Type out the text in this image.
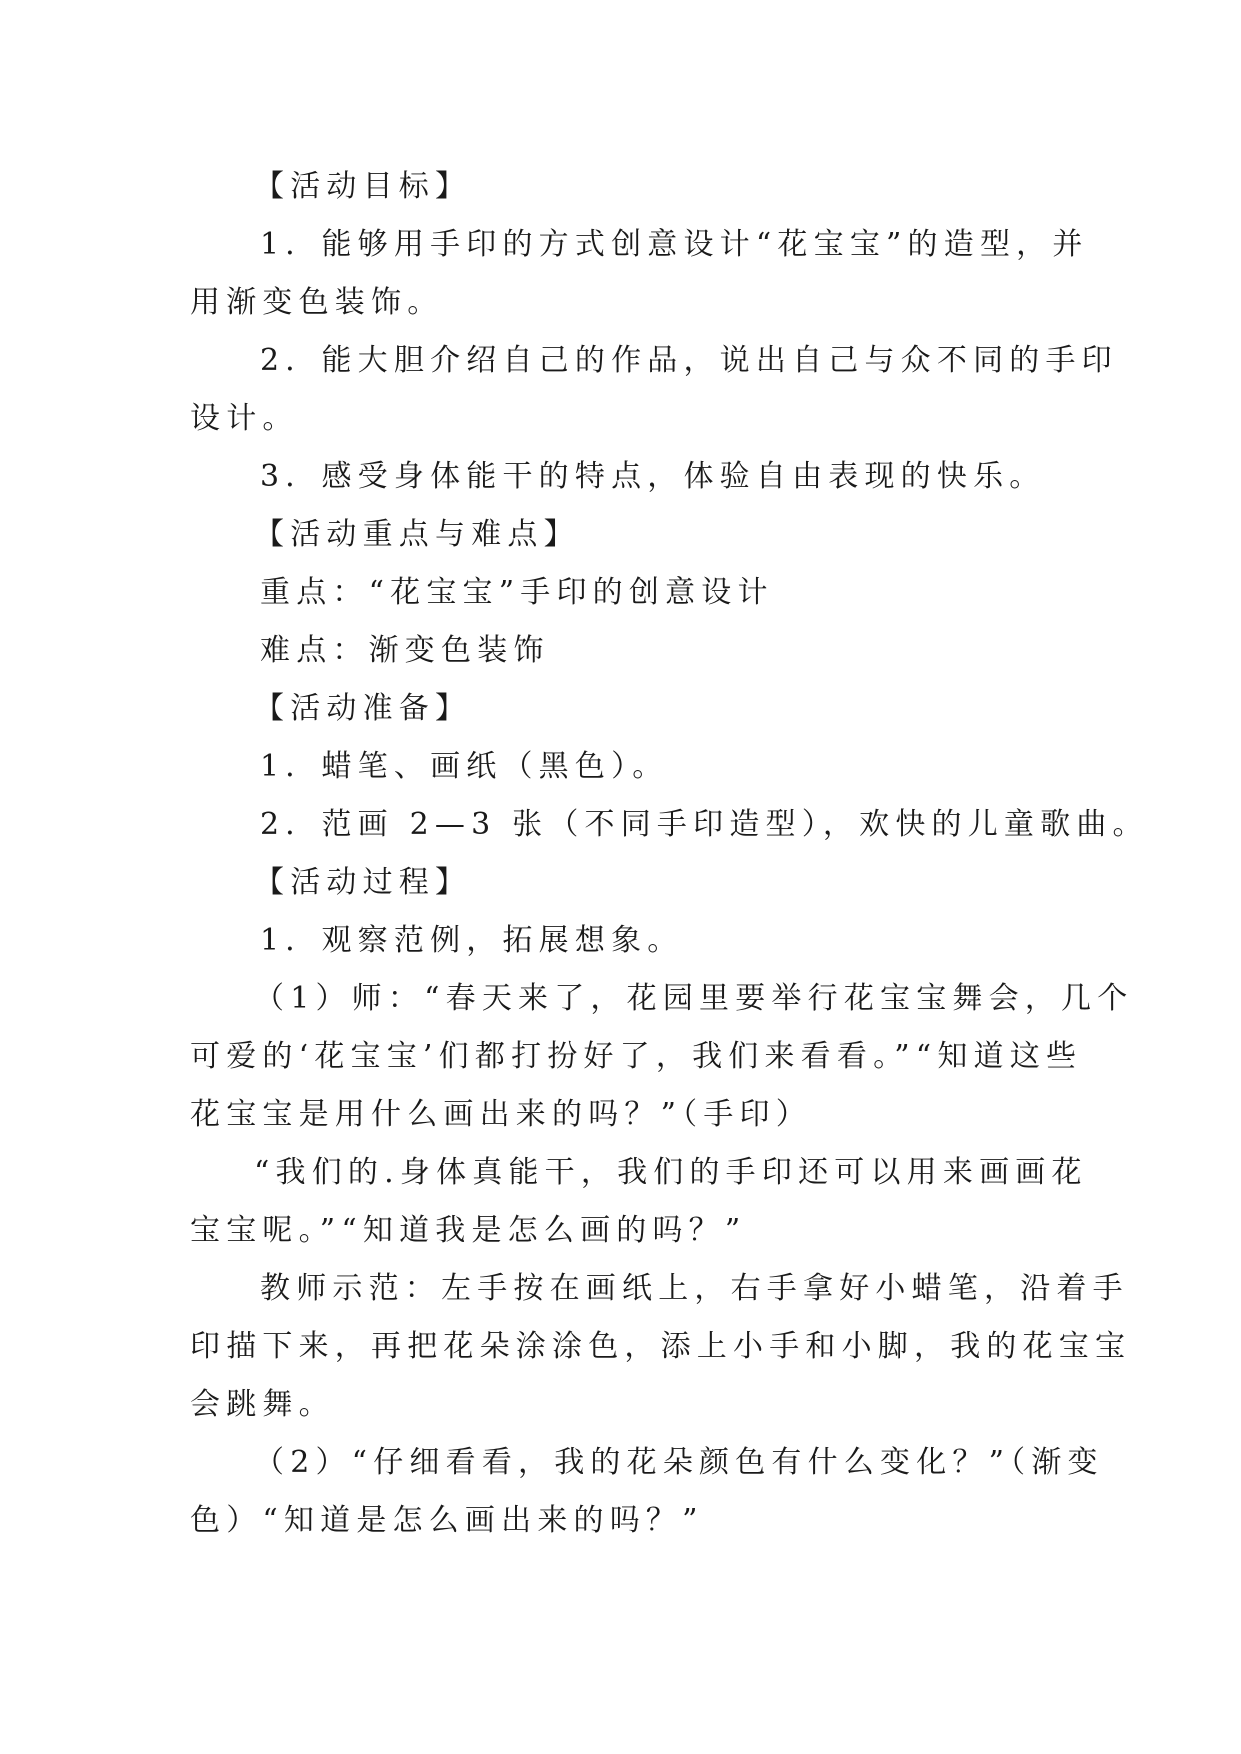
【活动目标】
1．能够用手印的方式创意设计“花宝宝”的造型，并
用渐变色装饰。
2．能大胆介绍自己的作品，说出自己与众不同的手印
设计。
3．感受身体能干的特点，体验自由表现的快乐。
【活动重点与难点】
重点：“花宝宝”手印的创意设计
难点：渐变色装饰
【活动准备】
1．蜡笔、画纸（黑色）。
2．范画 2—3 张（不同手印造型），欢快的儿童歌曲。
【活动过程】
1．观察范例，拓展想象。
（1）师：“春天来了，花园里要举行花宝宝舞会，几个
可爱的‘花宝宝’们都打扮好了，我们来看看。”“知道这些
花宝宝是用什么画出来的吗？”（手印）
“我们的.身体真能干，我们的手印还可以用来画画花
宝宝呢。”“知道我是怎么画的吗？”
教师示范：左手按在画纸上，右手拿好小蜡笔，沿着手
印描下来，再把花朵涂涂色，添上小手和小脚，我的花宝宝
会跳舞。
（2）“仔细看看，我的花朵颜色有什么变化？”（渐变
色）“知道是怎么画出来的吗？”
